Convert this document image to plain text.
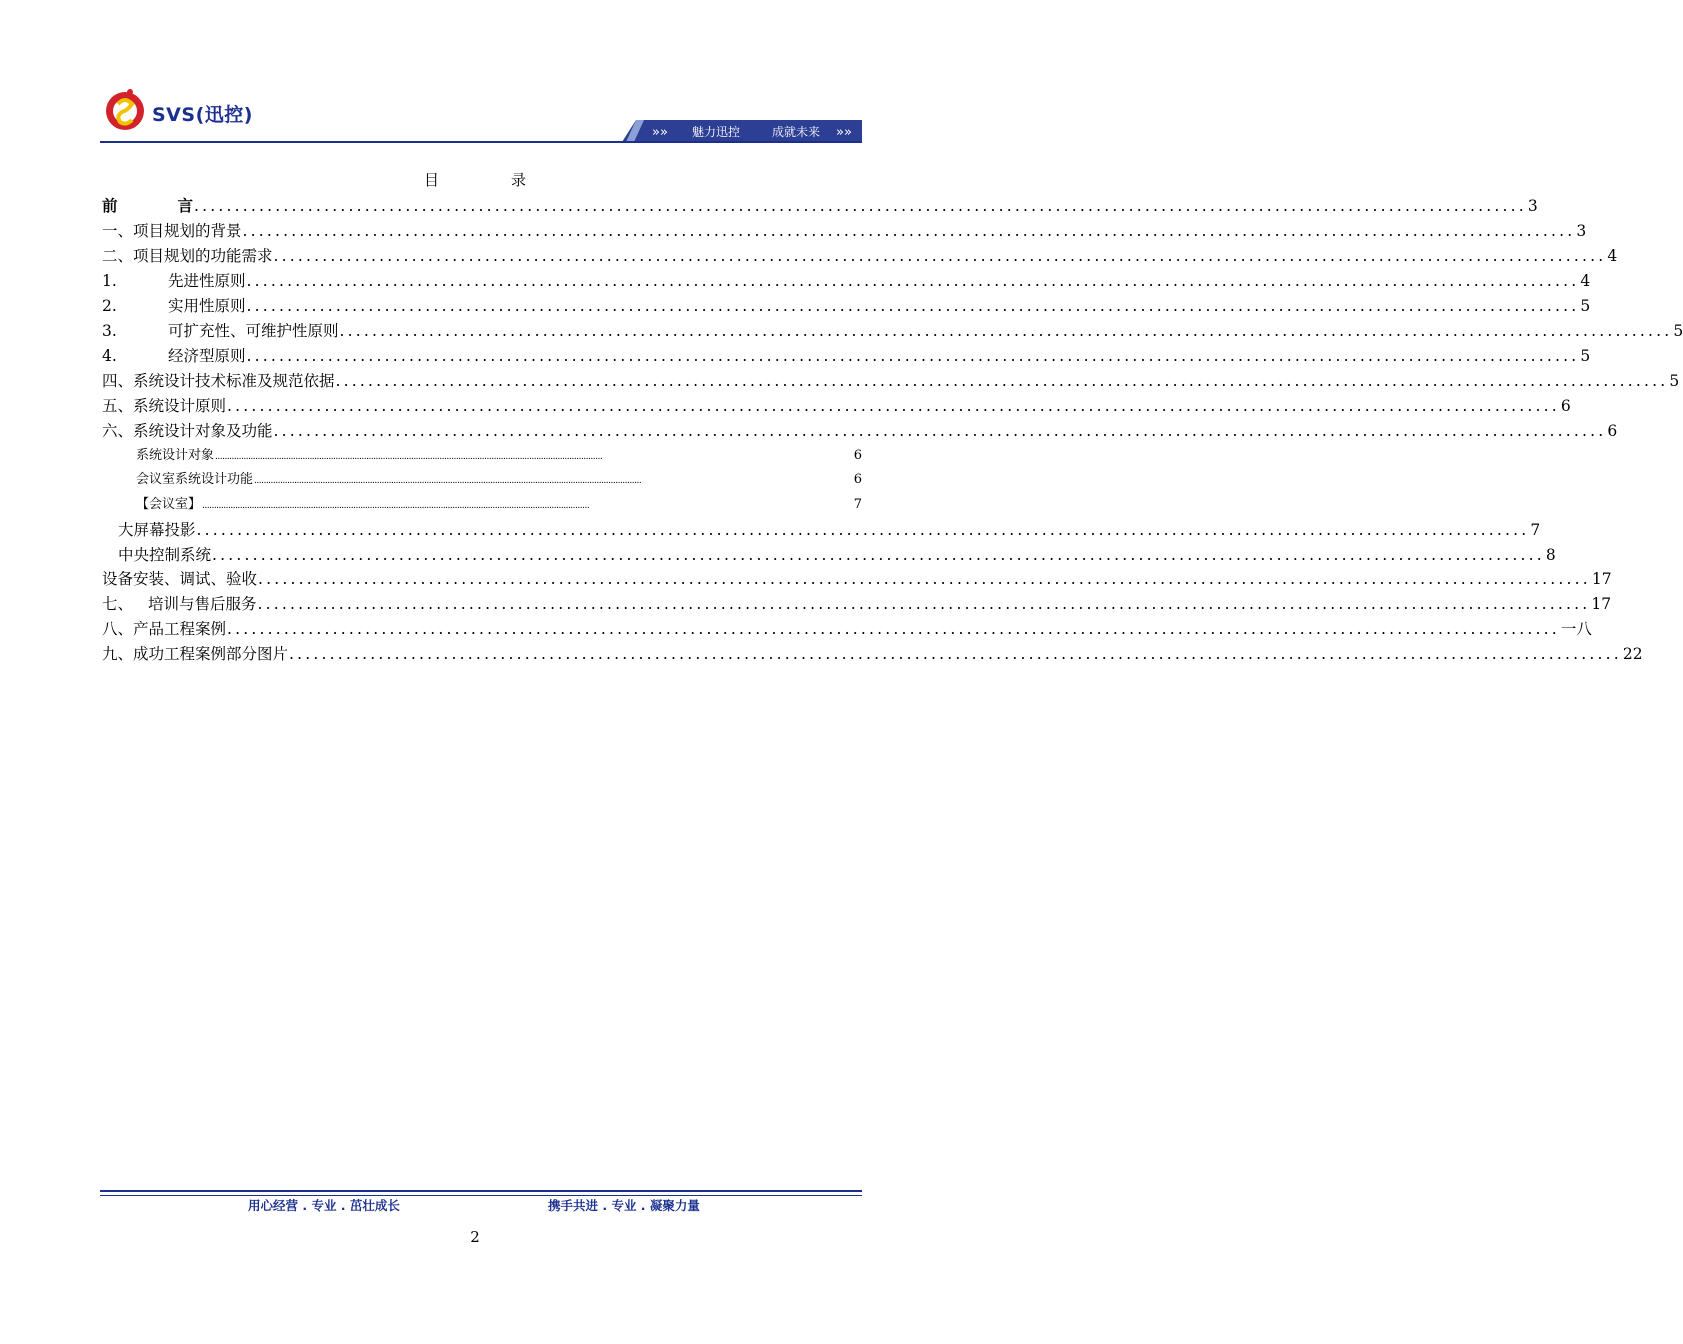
SVS(迅控)
»»	»»
魅力迅控	成就未来
目	录
前	言 .................................................................................................................................................................... 3
一、项目规划的背景 .................................................................................................................................................................... 3
二、项目规划的功能需求 .................................................................................................................................................................... 4
1.	先进性原则 .................................................................................................................................................................... 4
2.	实用性原则 .................................................................................................................................................................... 5
3.	可扩充性、可维护性原则 .................................................................................................................................................................... 5
4.	经济型原则 .................................................................................................................................................................... 5
四、系统设计技术标准及规范依据 .................................................................................................................................................................... 5
五、系统设计原则 .................................................................................................................................................................... 6
六、系统设计对象及功能 .................................................................................................................................................................... 6
系统设计对象 ....................................................................................................................................................................	6
会议室系统设计功能 ....................................................................................................................................................................	6
【会议室】 ....................................................................................................................................................................	7
大屏幕投影 .................................................................................................................................................................... 7
中央控制系统 .................................................................................................................................................................... 8
设备安装、调试、验收 .................................................................................................................................................................... 17
七、 培训与售后服务 .................................................................................................................................................................... 17
八、产品工程案例 .................................................................................................................................................................... 一八
九、成功工程案例部分图片 .................................................................................................................................................................... 22
用心经营 . 专业 . 茁壮成长	携手共进 . 专业 . 凝聚力量
2
